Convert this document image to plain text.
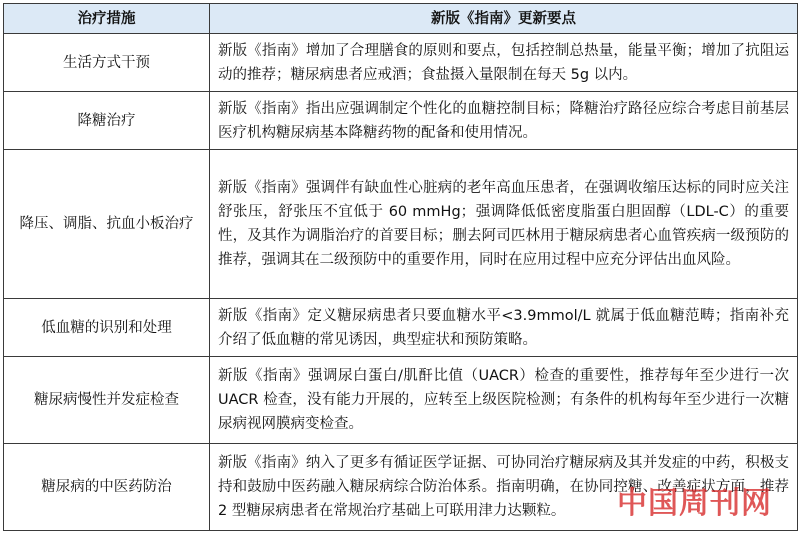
治疗措施	新版《指南》更新要点
生活方式干预	新版《指南》增加了合理膳食的原则和要点，包括控制总热量，能量平衡；增加了抗阻运动的推荐；糖尿病患者应戒酒；食盐摄入量限制在每天 5g 以内。
降糖治疗	新版《指南》指出应强调制定个性化的血糖控制目标；降糖治疗路径应综合考虑目前基层医疗机构糖尿病基本降糖药物的配备和使用情况。
降压、调脂、抗血小板治疗	新版《指南》强调伴有缺血性心脏病的老年高血压患者，在强调收缩压达标的同时应关注舒张压，舒张压不宜低于 60 mmHg；强调降低低密度脂蛋白胆固醇（LDL-C）的重要性，及其作为调脂治疗的首要目标；删去阿司匹林用于糖尿病患者心血管疾病一级预防的推荐，强调其在二级预防中的重要作用，同时在应用过程中应充分评估出血风险。
低血糖的识别和处理	新版《指南》定义糖尿病患者只要血糖水平<3.9mmol/L 就属于低血糖范畴；指南补充介绍了低血糖的常见诱因，典型症状和预防策略。
糖尿病慢性并发症检查	新版《指南》强调尿白蛋白/肌酐比值（UACR）检查的重要性，推荐每年至少进行一次 UACR 检查，没有能力开展的，应转至上级医院检测；有条件的机构每年至少进行一次糖尿病视网膜病变检查。
糖尿病的中医药防治	新版《指南》纳入了更多有循证医学证据、可协同治疗糖尿病及其并发症的中药，积极支持和鼓励中医药融入糖尿病综合防治体系。指南明确，在协同控糖、改善症状方面，推荐 2 型糖尿病患者在常规治疗基础上可联用津力达颗粒。 中国周刊网
